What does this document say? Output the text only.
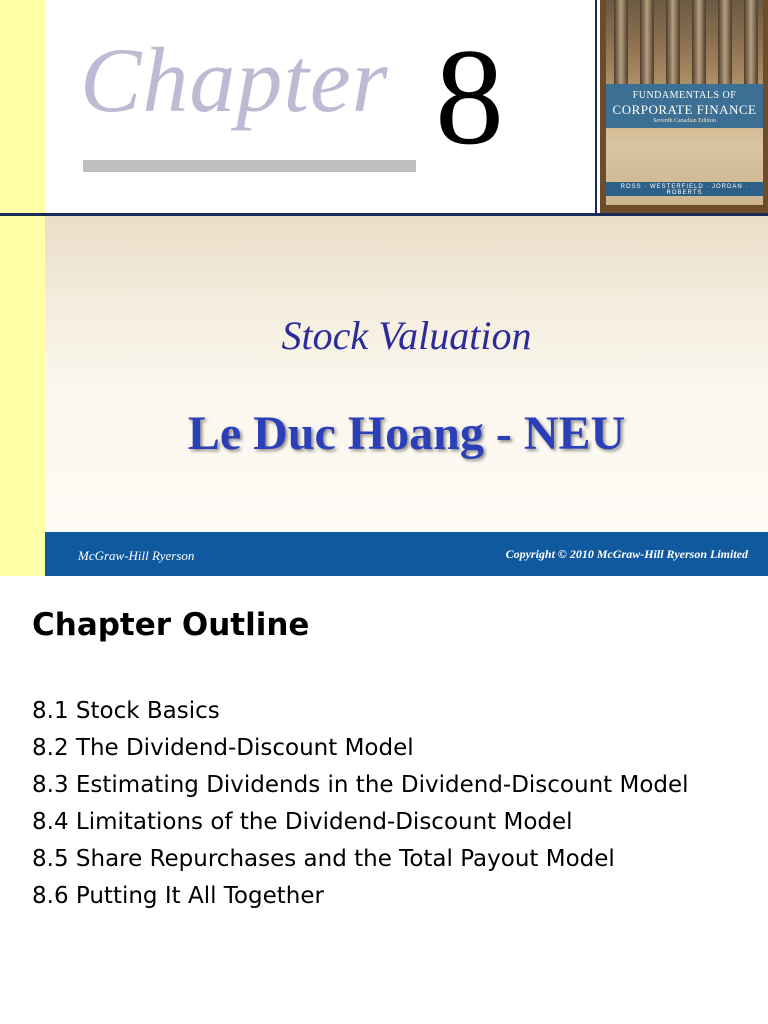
Chapter 8	FUNDAMENTALS OF
CORPORATE FINANCE
Seventh Canadian Edition
ROSS · WESTERFIELD · JORDAN · ROBERTS
Stock Valuation
Le Duc Hoang - NEU
McGraw-Hill Ryerson	Copyright © 2010 McGraw-Hill Ryerson Limited
Chapter Outline
8.1 Stock Basics
8.2 The Dividend-Discount Model
8.3 Estimating Dividends in the Dividend-Discount Model
8.4 Limitations of the Dividend-Discount Model
8.5 Share Repurchases and the Total Payout Model
8.6 Putting It All Together
